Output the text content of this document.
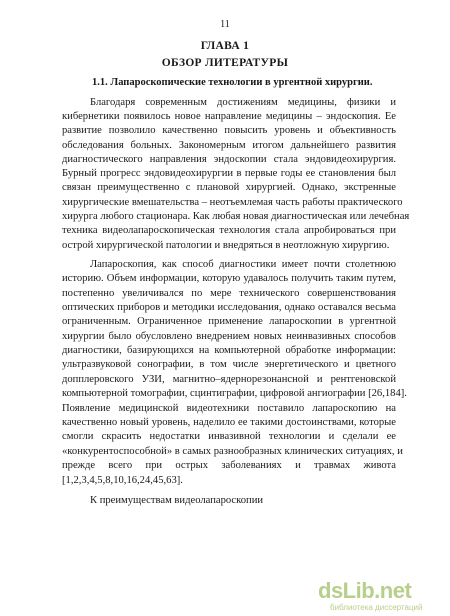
11
ГЛАВА 1
ОБЗОР ЛИТЕРАТУРЫ
1.1. Лапароскопические технологии в ургентной хирургии.
Благодаря современным достижениям медицины, физики и
кибернетики появилось новое направление медицины – эндоскопия. Ее
развитие позволило качественно повысить уровень и объективность
обследования больных. Закономерным итогом дальнейшего развития
диагностического направления эндоскопии стала эндовидеохирургия.
Бурный прогресс эндовидеохирургии в первые годы ее становления был
связан преимущественно с плановой хирургией. Однако, экстренные
хирургические вмешательства – неотъемлемая часть работы практического
хирурга любого стационара. Как любая новая диагностическая или лечебная
техника видеолапароскопическая технология стала апробироваться при
острой хирургической патологии и внедряться в неотложную хирургию.
Лапароскопия, как способ диагностики имеет почти столетнюю
историю. Объем информации, которую удавалось получить таким путем,
постепенно увеличивался по мере технического совершенствования
оптических приборов и методики исследования, однако оставался весьма
ограниченным. Ограниченное применение лапароскопии в ургентной
хирургии было обусловлено внедрением новых неинвазивных способов
диагностики, базирующихся на компьютерной обработке информации:
ультразвуковой сонографии, в том числе энергетического и цветного
допплеровского УЗИ, магнитно–ядернорезонансной и рентгеновской
компьютерной томографии, сцинтиграфии, цифровой ангиографии [26,184].
Появление медицинской видеотехники поставило лапароскопию на
качественно новый уровень, наделило ее такими достоинствами, которые
смогли скрасить недостатки инвазивной технологии и сделали ее
«конкурентоспособной» в самых разнообразных клинических ситуациях, и
прежде всего при острых заболеваниях и травмах живота
[1,2,3,4,5,8,10,16,24,45,63].
К преимуществам видеолапароскопии
dsLib.net
библиотека диссертаций
